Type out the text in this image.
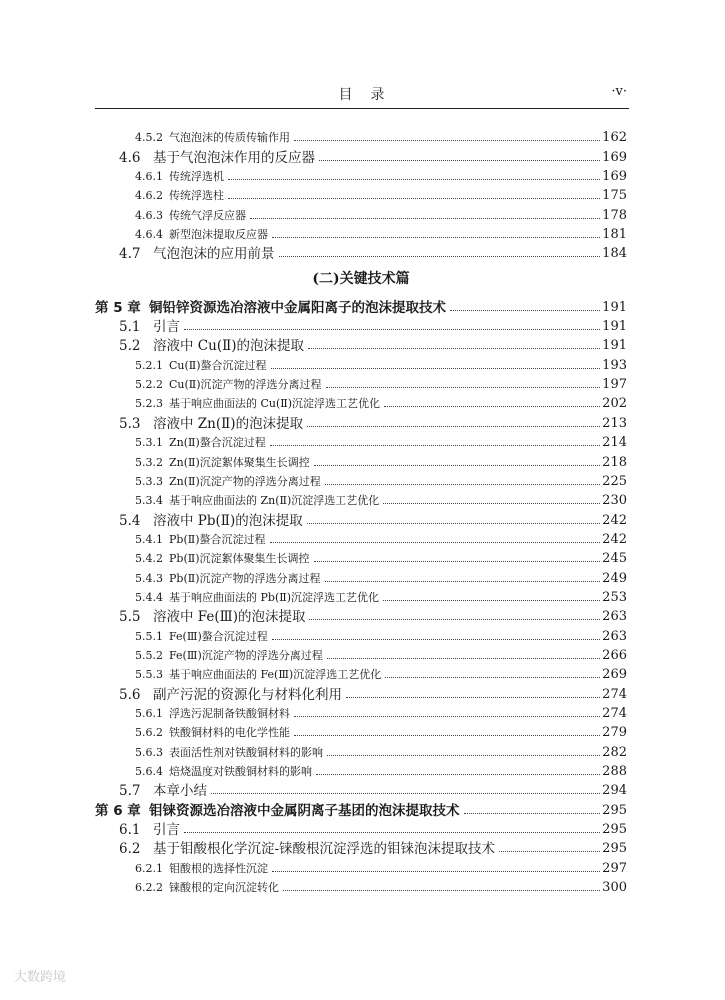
目　录	·v·
4.5.2 气泡泡沫的传质传输作用	162
4.6 基于气泡泡沫作用的反应器	169
4.6.1 传统浮选机	169
4.6.2 传统浮选柱	175
4.6.3 传统气浮反应器	178
4.6.4 新型泡沫提取反应器	181
4.7 气泡泡沫的应用前景	184
(二)关键技术篇
第 5 章 铜铅锌资源选冶溶液中金属阳离子的泡沫提取技术	191
5.1 引言	191
5.2 溶液中 Cu(Ⅱ)的泡沫提取	191
5.2.1 Cu(Ⅱ)螯合沉淀过程	193
5.2.2 Cu(Ⅱ)沉淀产物的浮选分离过程	197
5.2.3 基于响应曲面法的 Cu(Ⅱ)沉淀浮选工艺优化	202
5.3 溶液中 Zn(Ⅱ)的泡沫提取	213
5.3.1 Zn(Ⅱ)螯合沉淀过程	214
5.3.2 Zn(Ⅱ)沉淀絮体聚集生长调控	218
5.3.3 Zn(Ⅱ)沉淀产物的浮选分离过程	225
5.3.4 基于响应曲面法的 Zn(Ⅱ)沉淀浮选工艺优化	230
5.4 溶液中 Pb(Ⅱ)的泡沫提取	242
5.4.1 Pb(Ⅱ)螯合沉淀过程	242
5.4.2 Pb(Ⅱ)沉淀絮体聚集生长调控	245
5.4.3 Pb(Ⅱ)沉淀产物的浮选分离过程	249
5.4.4 基于响应曲面法的 Pb(Ⅱ)沉淀浮选工艺优化	253
5.5 溶液中 Fe(Ⅲ)的泡沫提取	263
5.5.1 Fe(Ⅲ)螯合沉淀过程	263
5.5.2 Fe(Ⅲ)沉淀产物的浮选分离过程	266
5.5.3 基于响应曲面法的 Fe(Ⅲ)沉淀浮选工艺优化	269
5.6 副产污泥的资源化与材料化利用	274
5.6.1 浮选污泥制备铁酸铜材料	274
5.6.2 铁酸铜材料的电化学性能	279
5.6.3 表面活性剂对铁酸铜材料的影响	282
5.6.4 焙烧温度对铁酸铜材料的影响	288
5.7 本章小结	294
第 6 章 钼铼资源选冶溶液中金属阴离子基团的泡沫提取技术	295
6.1 引言	295
6.2 基于钼酸根化学沉淀-铼酸根沉淀浮选的钼铼泡沫提取技术	295
6.2.1 钼酸根的选择性沉淀	297
6.2.2 铼酸根的定向沉淀转化	300
大数跨境
